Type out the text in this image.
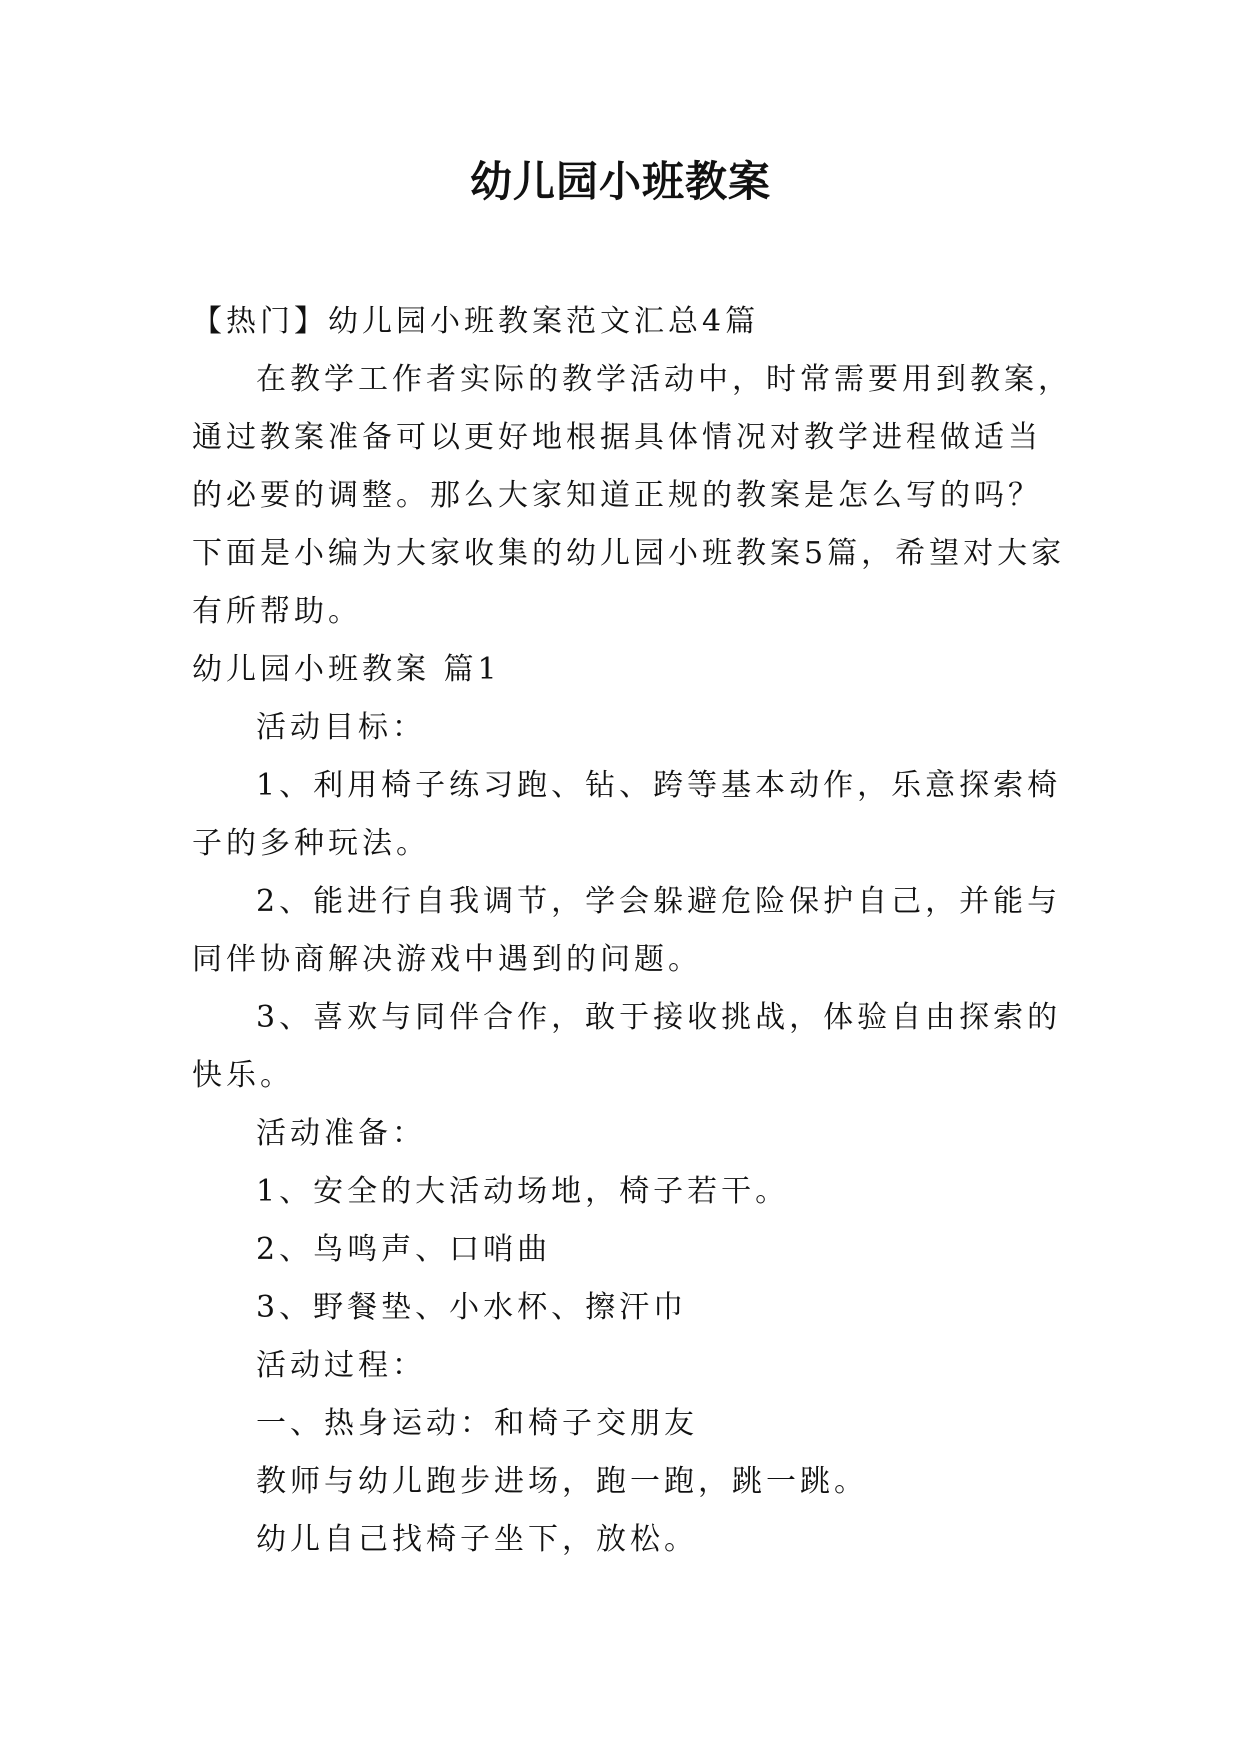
幼儿园小班教案

【热门】幼儿园小班教案范文汇总4篇

在教学工作者实际的教学活动中，时常需要用到教案，通过教案准备可以更好地根据具体情况对教学进程做适当的必要的调整。那么大家知道正规的教案是怎么写的吗？下面是小编为大家收集的幼儿园小班教案5篇，希望对大家有所帮助。

幼儿园小班教案 篇1

活动目标：

1、利用椅子练习跑、钻、跨等基本动作，乐意探索椅子的多种玩法。

2、能进行自我调节，学会躲避危险保护自己，并能与同伴协商解决游戏中遇到的问题。

3、喜欢与同伴合作，敢于接收挑战，体验自由探索的快乐。

活动准备：

1、安全的大活动场地，椅子若干。

2、鸟鸣声、口哨曲

3、野餐垫、小水杯、擦汗巾

活动过程：

一、热身运动：和椅子交朋友

教师与幼儿跑步进场，跑一跑，跳一跳。

幼儿自己找椅子坐下，放松。
